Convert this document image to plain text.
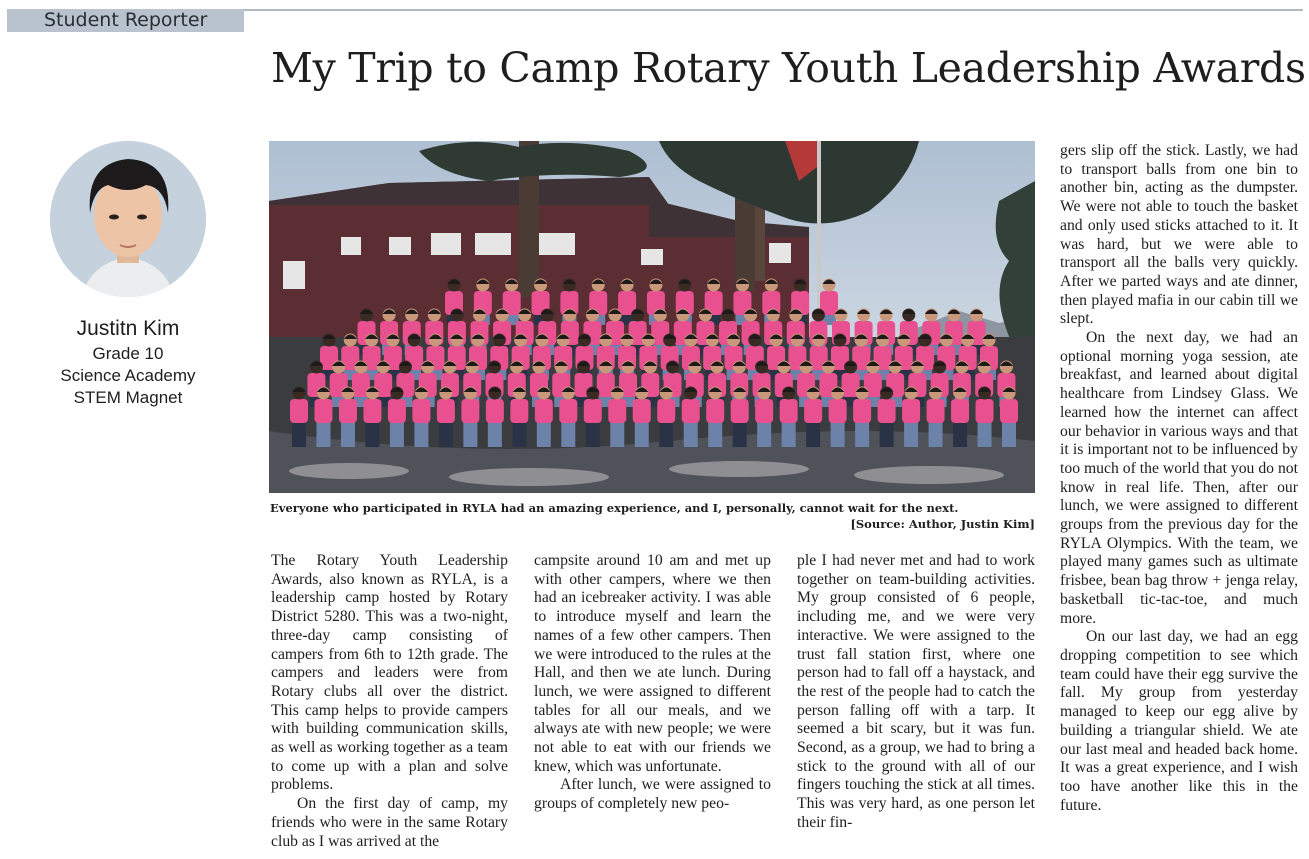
Student Reporter
My Trip to Camp Rotary Youth Leadership Awards
Justitn Kim
Grade 10
Science Academy
STEM Magnet
Everyone who participated in RYLA had an amazing experience, and I, personally, cannot wait for the next.
[Source: Author, Justin Kim]

The Rotary Youth Leadership Awards, also known as RYLA, is a leadership camp hosted by Rotary District 5280. This was a two-night, three-day camp consisting of campers from 6th to 12th grade. The campers and leaders were from Rotary clubs all over the district. This camp helps to provide campers with building communication skills, as well as working together as a team to come up with a plan and solve problems.

On the first day of camp, my friends who were in the same Rotary club as I was arrived at the

campsite around 10 am and met up with other campers, where we then had an icebreaker activity. I was able to introduce myself and learn the names of a few other campers. Then we were introduced to the rules at the Hall, and then we ate lunch. During lunch, we were assigned to different tables for all our meals, and we always ate with new people; we were not able to eat with our friends we knew, which was unfortunate.

After lunch, we were assigned to groups of completely new peo-

ple I had never met and had to work together on team-building activities. My group consisted of 6 people, including me, and we were very interactive. We were assigned to the trust fall station first, where one person had to fall off a haystack, and the rest of the people had to catch the person falling off with a tarp. It seemed a bit scary, but it was fun. Second, as a group, we had to bring a stick to the ground with all of our fingers touching the stick at all times. This was very hard, as one person let their fin-

gers slip off the stick. Lastly, we had to transport balls from one bin to another bin, acting as the dumpster. We were not able to touch the basket and only used sticks attached to it. It was hard, but we were able to transport all the balls very quickly. After we parted ways and ate dinner, then played mafia in our cabin till we slept.

On the next day, we had an optional morning yoga session, ate breakfast, and learned about digital healthcare from Lindsey Glass. We learned how the internet can affect our behavior in various ways and that it is important not to be influenced by too much of the world that you do not know in real life. Then, after our lunch, we were assigned to different groups from the previous day for the RYLA Olympics. With the team, we played many games such as ultimate frisbee, bean bag throw + jenga relay, basketball tic-tac-toe, and much more.

On our last day, we had an egg dropping competition to see which team could have their egg survive the fall. My group from yesterday managed to keep our egg alive by building a triangular shield. We ate our last meal and headed back home. It was a great experience, and I wish too have another like this in the future.
